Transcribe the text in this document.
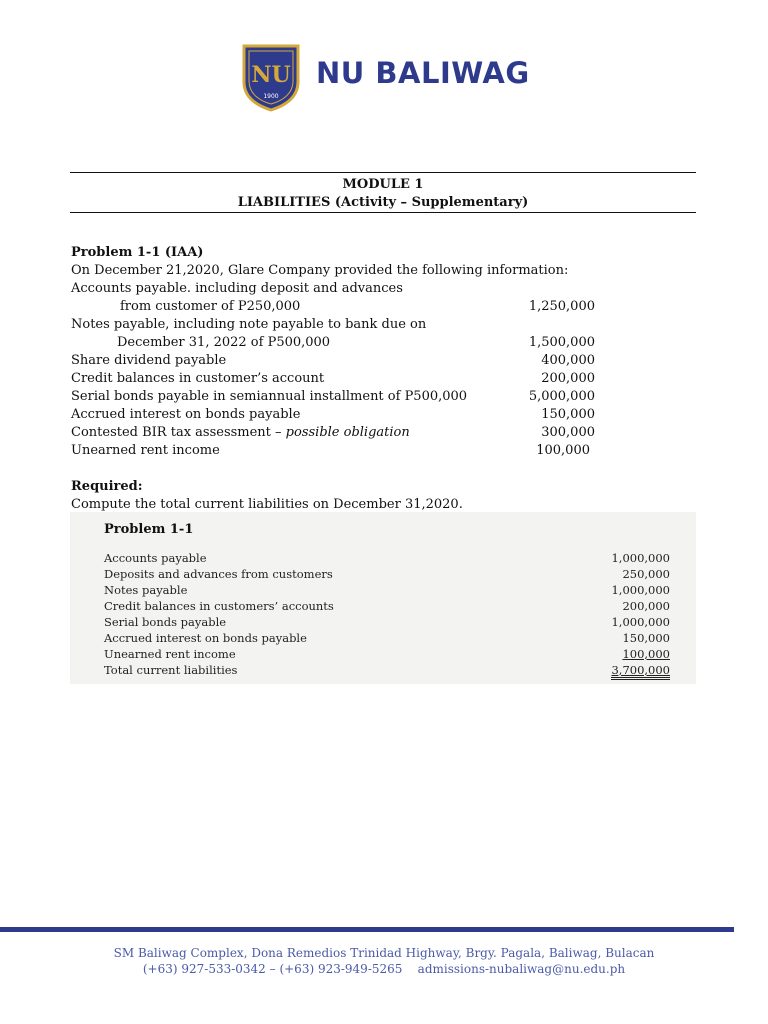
NU
1900
NU BALIWAG
MODULE 1
LIABILITIES (Activity – Supplementary)
Problem 1-1 (IAA)
On December 21,2020, Glare Company provided the following information:
Accounts payable. including deposit and advances
from customer of P250,000	1,250,000
Notes payable, including note payable to bank due on
December 31, 2022 of P500,000	1,500,000
Share dividend payable	400,000
Credit balances in customer’s account	200,000
Serial bonds payable in semiannual installment of P500,000	5,000,000
Accrued interest on bonds payable	150,000
Contested BIR tax assessment – possible obligation	300,000
Unearned rent income	100,000
Required:
Compute the total current liabilities on December 31,2020.
Problem 1-1
Accounts payable	1,000,000
Deposits and advances from customers	250,000
Notes payable	1,000,000
Credit balances in customers’ accounts	200,000
Serial bonds payable	1,000,000
Accrued interest on bonds payable	150,000
Unearned rent income	100,000
Total current liabilities	3,700,000
SM Baliwag Complex, Dona Remedios Trinidad Highway, Brgy. Pagala, Baliwag, Bulacan
(+63) 927-533-0342 – (+63) 923-949-5265    admissions-nubaliwag@nu.edu.ph
